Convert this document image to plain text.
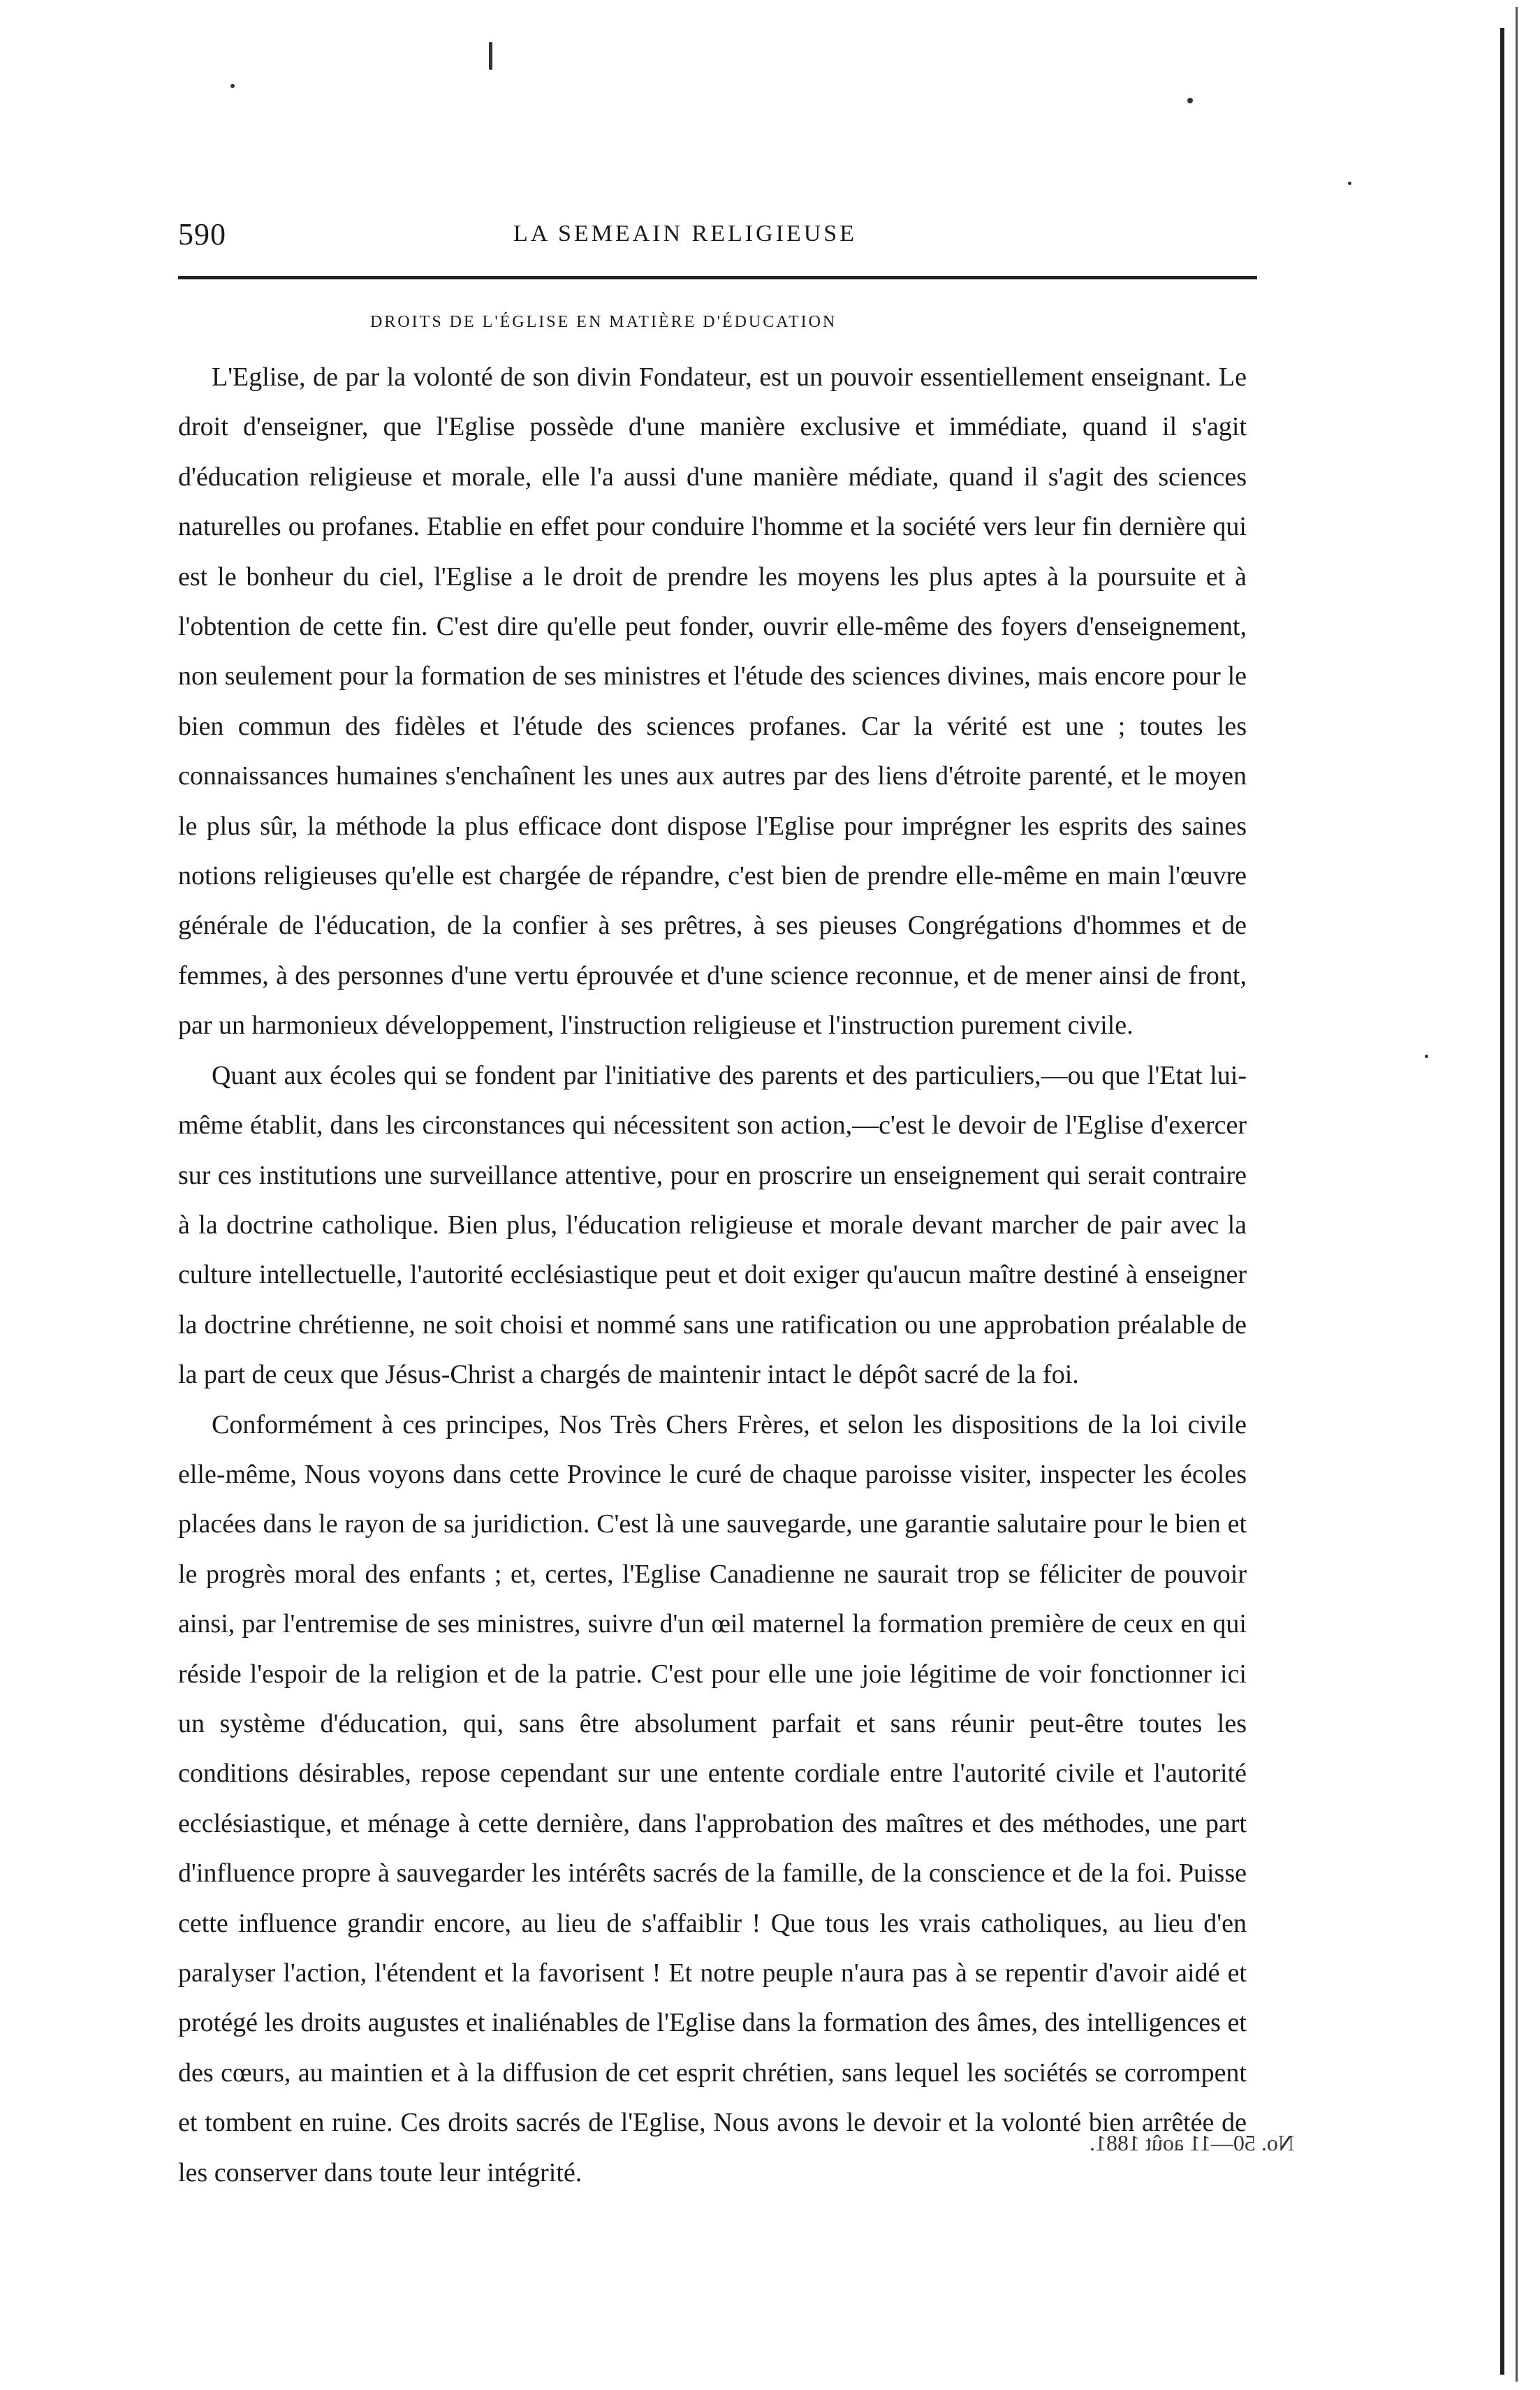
590	LA SEMEAIN RELIGIEUSE
DROITS DE L'ÉGLISE EN MATIÈRE D'ÉDUCATION

L'Eglise, de par la volonté de son divin Fondateur, est un pouvoir essentiellement enseignant. Le droit d'enseigner, que l'Eglise possède d'une manière exclusive et immédiate, quand il s'agit d'éducation religieuse et morale, elle l'a aussi d'une manière médiate, quand il s'agit des sciences naturelles ou profanes. Etablie en effet pour conduire l'homme et la société vers leur fin dernière qui est le bonheur du ciel, l'Eglise a le droit de prendre les moyens les plus aptes à la poursuite et à l'obtention de cette fin. C'est dire qu'elle peut fonder, ouvrir elle-même des foyers d'enseignement, non seulement pour la formation de ses ministres et l'étude des sciences divines, mais encore pour le bien commun des fidèles et l'étude des sciences profanes. Car la vérité est une ; toutes les connaissances humaines s'enchaînent les unes aux autres par des liens d'étroite parenté, et le moyen le plus sûr, la méthode la plus efficace dont dispose l'Eglise pour imprégner les esprits des saines notions religieuses qu'elle est chargée de répandre, c'est bien de prendre elle-même en main l'œuvre générale de l'éducation, de la confier à ses prêtres, à ses pieuses Congrégations d'hommes et de femmes, à des personnes d'une vertu éprouvée et d'une science reconnue, et de mener ainsi de front, par un harmonieux développement, l'instruction religieuse et l'instruction purement civile.

Quant aux écoles qui se fondent par l'initiative des parents et des particuliers,—ou que l'Etat lui-même établit, dans les circonstances qui nécessitent son action,—c'est le devoir de l'Eglise d'exercer sur ces institutions une surveillance attentive, pour en proscrire un enseignement qui serait contraire à la doctrine catholique. Bien plus, l'éducation religieuse et morale devant marcher de pair avec la culture intellectuelle, l'autorité ecclésiastique peut et doit exiger qu'aucun maître destiné à enseigner la doctrine chrétienne, ne soit choisi et nommé sans une ratification ou une approbation préalable de la part de ceux que Jésus-Christ a chargés de maintenir intact le dépôt sacré de la foi.

Conformément à ces principes, Nos Très Chers Frères, et selon les dispositions de la loi civile elle-même, Nous voyons dans cette Province le curé de chaque paroisse visiter, inspecter les écoles placées dans le rayon de sa juridiction. C'est là une sauvegarde, une garantie salutaire pour le bien et le progrès moral des enfants ; et, certes, l'Eglise Canadienne ne saurait trop se féliciter de pouvoir ainsi, par l'entremise de ses ministres, suivre d'un œil maternel la formation première de ceux en qui réside l'espoir de la religion et de la patrie. C'est pour elle une joie légitime de voir fonctionner ici un système d'éducation, qui, sans être absolument parfait et sans réunir peut-être toutes les conditions désirables, repose cependant sur une entente cordiale entre l'autorité civile et l'autorité ecclésiastique, et ménage à cette dernière, dans l'approbation des maîtres et des méthodes, une part d'influence propre à sauvegarder les intérêts sacrés de la famille, de la conscience et de la foi. Puisse cette influence grandir encore, au lieu de s'affaiblir ! Que tous les vrais catholiques, au lieu d'en paralyser l'action, l'étendent et la favorisent ! Et notre peuple n'aura pas à se repentir d'avoir aidé et protégé les droits augustes et inaliénables de l'Eglise dans la formation des âmes, des intelligences et des cœurs, au maintien et à la diffusion de cet esprit chrétien, sans lequel les sociétés se corrompent et tombent en ruine. Ces droits sacrés de l'Eglise, Nous avons le devoir et la volonté bien arrêtée de les conserver dans toute leur intégrité.

No. 50—11 août 1881.
